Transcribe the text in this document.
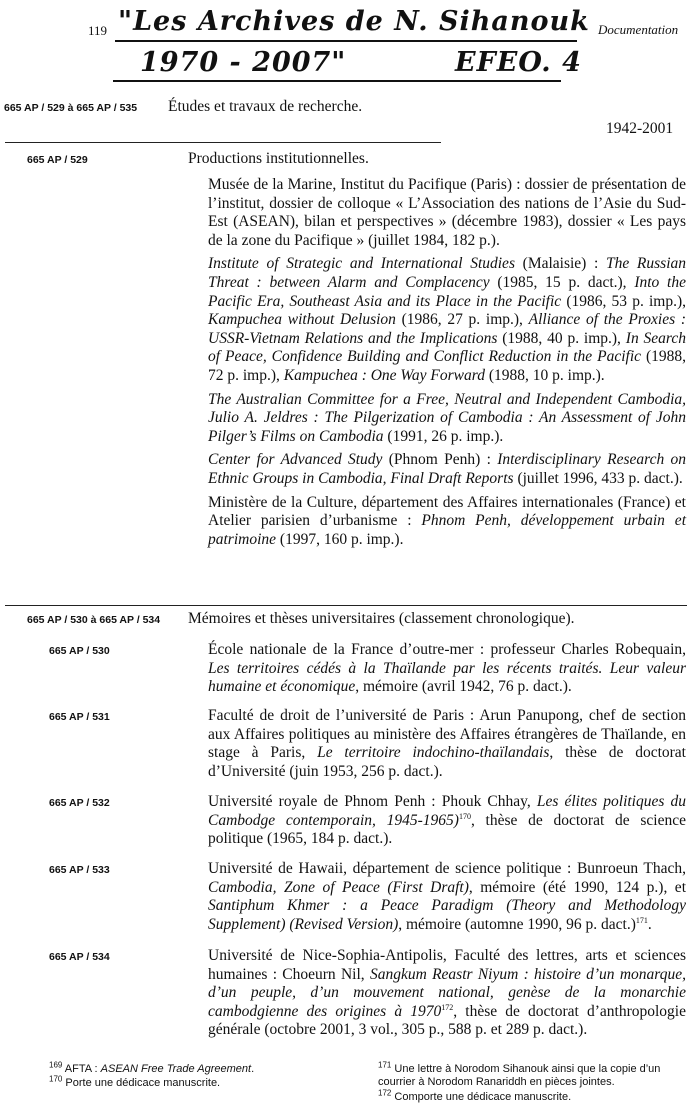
119	Documentation
"Les Archives de N. Sihanouk
1970 - 2007"	EFEO. 4
665 AP / 529 à 665 AP / 535 Études et travaux de recherche.
1942-2001
665 AP / 529	Productions institutionnelles.

Musée de la Marine, Institut du Pacifique (Paris) : dossier de présentation de l’institut, dossier de colloque « L’Association des nations de l’Asie du Sud-Est (ASEAN), bilan et perspectives » (décembre 1983), dossier « Les pays de la zone du Pacifique » (juillet 1984, 182 p.).

Institute of Strategic and International Studies (Malaisie) : The Russian Threat : between Alarm and Complacency (1985, 15 p. dact.), Into the Pacific Era, Southeast Asia and its Place in the Pacific (1986, 53 p. imp.), Kampuchea without Delusion (1986, 27 p. imp.), Alliance of the Proxies : USSR-Vietnam Relations and the Implications (1988, 40 p. imp.), In Search of Peace, Confidence Building and Conflict Reduction in the Pacific (1988, 72 p. imp.), Kampuchea : One Way Forward (1988, 10 p. imp.).

The Australian Committee for a Free, Neutral and Independent Cambodia, Julio A. Jeldres : The Pilgerization of Cambodia : An Assessment of John Pilger’s Films on Cambodia (1991, 26 p. imp.).

Center for Advanced Study (Phnom Penh) : Interdisciplinary Research on Ethnic Groups in Cambodia, Final Draft Reports (juillet 1996, 433 p. dact.).

Ministère de la Culture, département des Affaires internationales (France) et Atelier parisien d’urbanisme : Phnom Penh, développement urbain et patrimoine (1997, 160 p. imp.).

665 AP / 530 à 665 AP / 534 Mémoires et thèses universitaires (classement chronologique).
665 AP / 530	École nationale de la France d’outre-mer : professeur Charles Robequain, Les territoires cédés à la Thaïlande par les récents traités. Leur valeur humaine et économique, mémoire (avril 1942, 76 p. dact.).
665 AP / 531	Faculté de droit de l’université de Paris : Arun Panupong, chef de section aux Affaires politiques au ministère des Affaires étrangères de Thaïlande, en stage à Paris, Le territoire indochino-thaïlandais, thèse de doctorat d’Université (juin 1953, 256 p. dact.).
665 AP / 532	Université royale de Phnom Penh : Phouk Chhay, Les élites politiques du Cambodge contemporain, 1945-1965)$^{170}$, thèse de doctorat de science politique (1965, 184 p. dact.).
665 AP / 533	Université de Hawaii, département de science politique : Bunroeun Thach, Cambodia, Zone of Peace (First Draft), mémoire (été 1990, 124 p.), et Santiphum Khmer : a Peace Paradigm (Theory and Methodology Supplement) (Revised Version), mémoire (automne 1990, 96 p. dact.)$^{171}$.
665 AP / 534	Université de Nice-Sophia-Antipolis, Faculté des lettres, arts et sciences humaines : Choeurn Nil, Sangkum Reastr Niyum : histoire d’un monarque, d’un peuple, d’un mouvement national, genèse de la monarchie cambodgienne des origines à 1970$^{172}$, thèse de doctorat d’anthropologie générale (octobre 2001, 3 vol., 305 p., 588 p. et 289 p. dact.).
$^{169}$ AFTA : ASEAN Free Trade Agreement.
$^{170}$ Porte une dédicace manuscrite.
$^{171}$ Une lettre à Norodom Sihanouk ainsi que la copie d’un courrier à Norodom Ranariddh en pièces jointes.
$^{172}$ Comporte une dédicace manuscrite.
